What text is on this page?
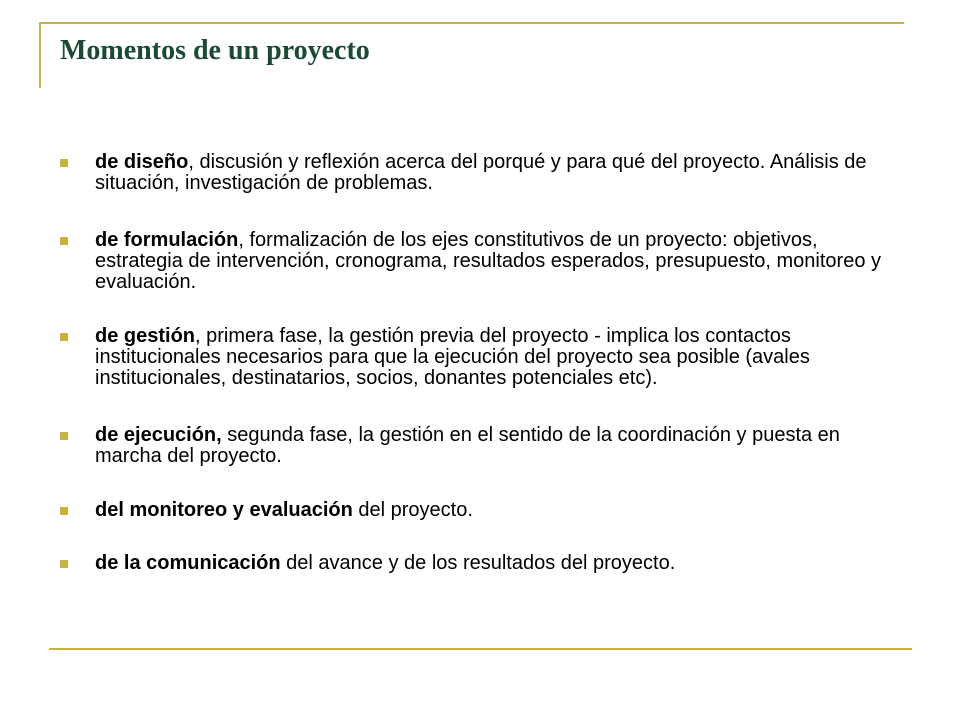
Momentos de un proyecto
de diseño, discusión y reflexión acerca del porqué y para qué del proyecto. Análisis de situación, investigación de problemas.
de formulación, formalización de los ejes constitutivos de un proyecto: objetivos, estrategia de intervención, cronograma, resultados esperados, presupuesto, monitoreo y evaluación.
de gestión, primera fase, la gestión previa del proyecto - implica los contactos institucionales necesarios para que la ejecución del proyecto sea posible (avales institucionales, destinatarios, socios, donantes potenciales etc).
de ejecución, segunda fase, la gestión en el sentido de la coordinación y puesta en marcha del proyecto.
del monitoreo y evaluación del proyecto.
de la comunicación del avance y de los resultados del proyecto.
